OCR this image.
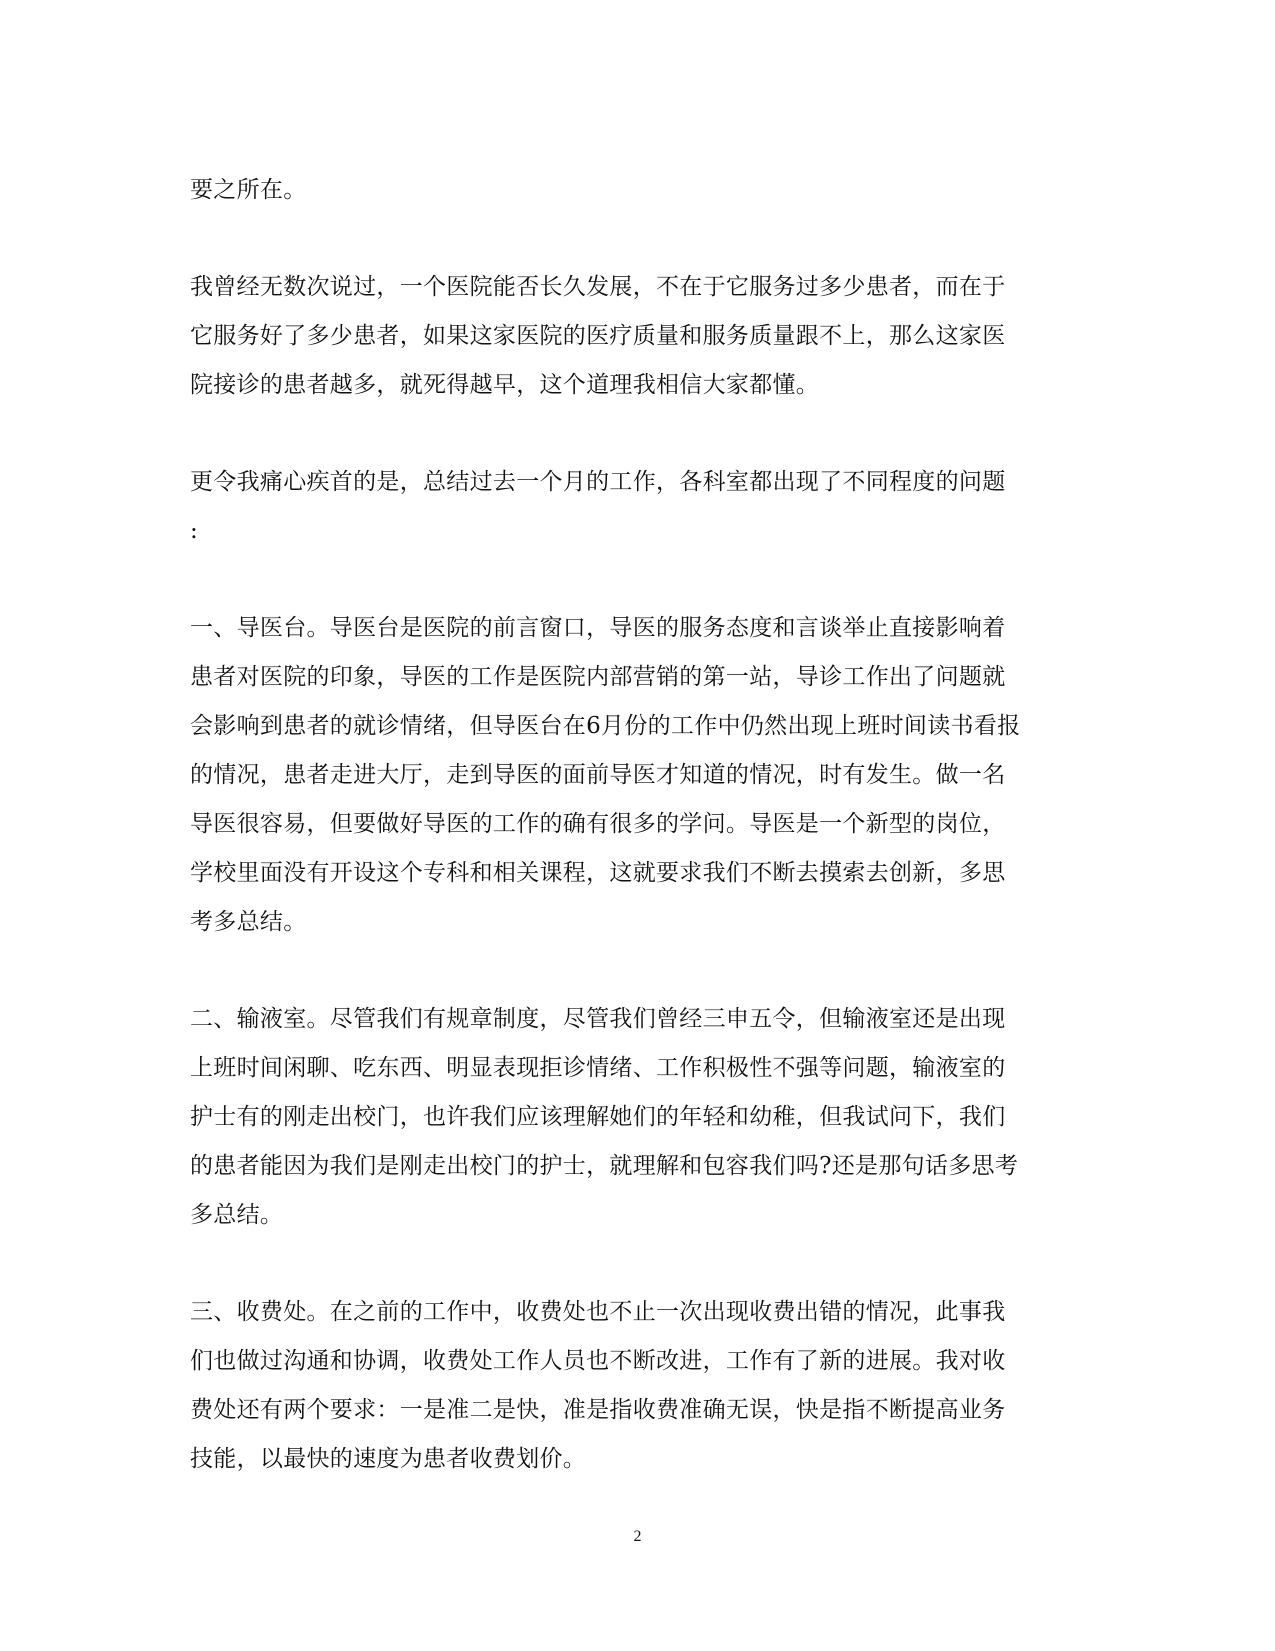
要之所在。

我曾经无数次说过，一个医院能否长久发展，不在于它服务过多少患者，而在于
它服务好了多少患者，如果这家医院的医疗质量和服务质量跟不上，那么这家医
院接诊的患者越多，就死得越早，这个道理我相信大家都懂。

更令我痛心疾首的是，总结过去一个月的工作，各科室都出现了不同程度的问题
:

一、导医台。导医台是医院的前言窗口，导医的服务态度和言谈举止直接影响着
患者对医院的印象，导医的工作是医院内部营销的第一站，导诊工作出了问题就
会影响到患者的就诊情绪，但导医台在6月份的工作中仍然出现上班时间读书看报
的情况，患者走进大厅，走到导医的面前导医才知道的情况，时有发生。做一名
导医很容易，但要做好导医的工作的确有很多的学问。导医是一个新型的岗位，
学校里面没有开设这个专科和相关课程，这就要求我们不断去摸索去创新，多思
考多总结。

二、输液室。尽管我们有规章制度，尽管我们曾经三申五令，但输液室还是出现
上班时间闲聊、吃东西、明显表现拒诊情绪、工作积极性不强等问题，输液室的
护士有的刚走出校门，也许我们应该理解她们的年轻和幼稚，但我试问下，我们
的患者能因为我们是刚走出校门的护士，就理解和包容我们吗?还是那句话多思考
多总结。

三、收费处。在之前的工作中，收费处也不止一次出现收费出错的情况，此事我
们也做过沟通和协调，收费处工作人员也不断改进，工作有了新的进展。我对收
费处还有两个要求：一是准二是快，准是指收费准确无误，快是指不断提高业务
技能，以最快的速度为患者收费划价。

2
